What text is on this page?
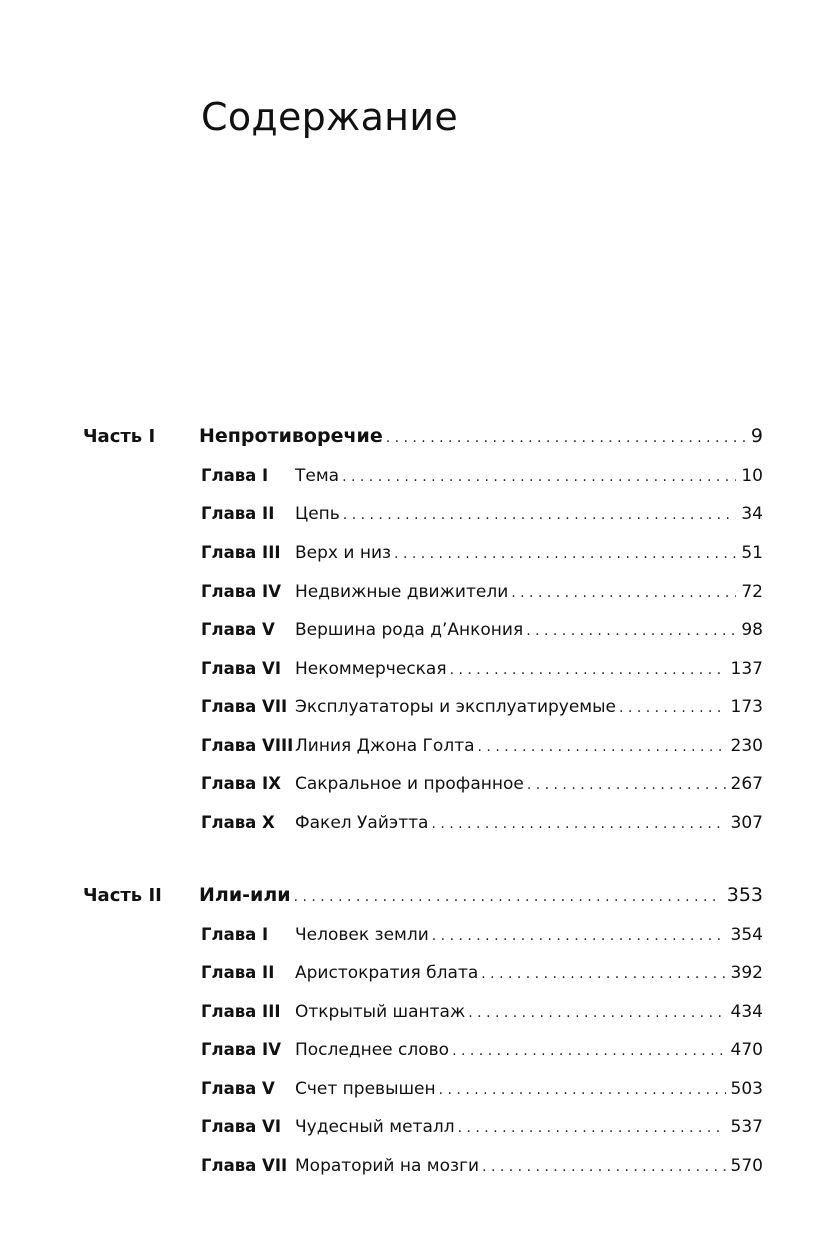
Содержание
Часть I	Непротиворечие . . .	9
Глава I	Тема . . .	10
Глава II	Цепь . . .	34
Глава III Верх и низ . . .	51
Глава IV Недвижные движители . . .	72
Глава V	Вершина рода д’Анкония . . .	98
Глава VI Некоммерческая . . .	137
Глава VII Эксплуататоры и эксплуатируемые . . .	173
Глава VIII Линия Джона Голта . . .	230
Глава IX Сакральное и профанное . . .	267
Глава X	Факел Уайэтта . . .	307
Часть II	Или-или . . .	353
Глава I	Человек земли . . .	354
Глава II	Аристократия блата . . .	392
Глава III Открытый шантаж . . .	434
Глава IV Последнее слово . . .	470
Глава V	Счет превышен . . .	503
Глава VI Чудесный металл . . .	537
Глава VII Мораторий на мозги . . .	570
